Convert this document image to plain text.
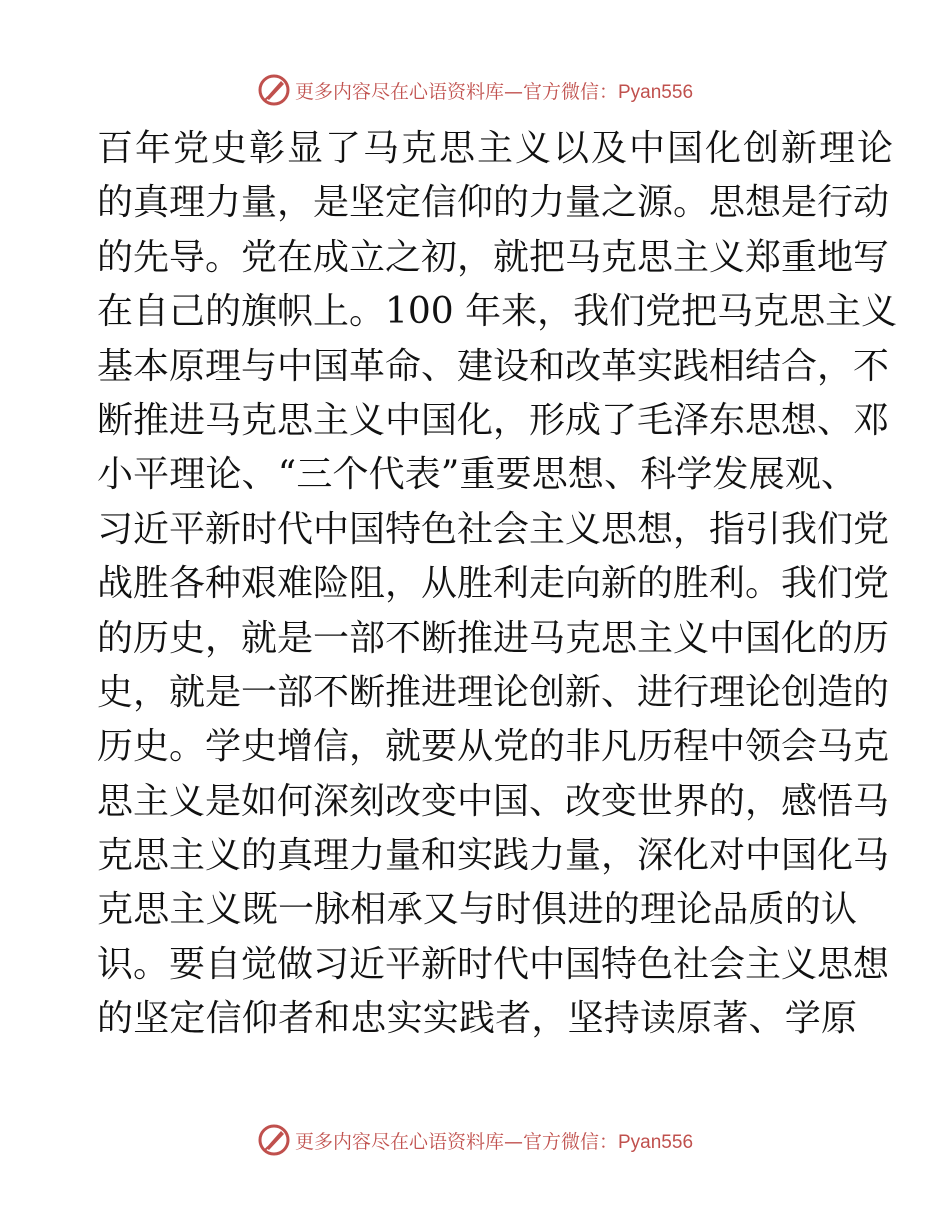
更多内容尽在心语资料库—官方微信：Pyan556
百年党史彰显了马克思主义以及中国化创新理论
的真理力量，是坚定信仰的力量之源。思想是行动
的先导。党在成立之初，就把马克思主义郑重地写
在自己的旗帜上。100 年来，我们党把马克思主义
基本原理与中国革命、建设和改革实践相结合，不
断推进马克思主义中国化，形成了毛泽东思想、邓
小平理论、“三个代表”重要思想、科学发展观、
习近平新时代中国特色社会主义思想，指引我们党
战胜各种艰难险阻，从胜利走向新的胜利。我们党
的历史，就是一部不断推进马克思主义中国化的历
史，就是一部不断推进理论创新、进行理论创造的
历史。学史增信，就要从党的非凡历程中领会马克
思主义是如何深刻改变中国、改变世界的，感悟马
克思主义的真理力量和实践力量，深化对中国化马
克思主义既一脉相承又与时俱进的理论品质的认
识。要自觉做习近平新时代中国特色社会主义思想
的坚定信仰者和忠实实践者，坚持读原著、学原
更多内容尽在心语资料库—官方微信：Pyan556
